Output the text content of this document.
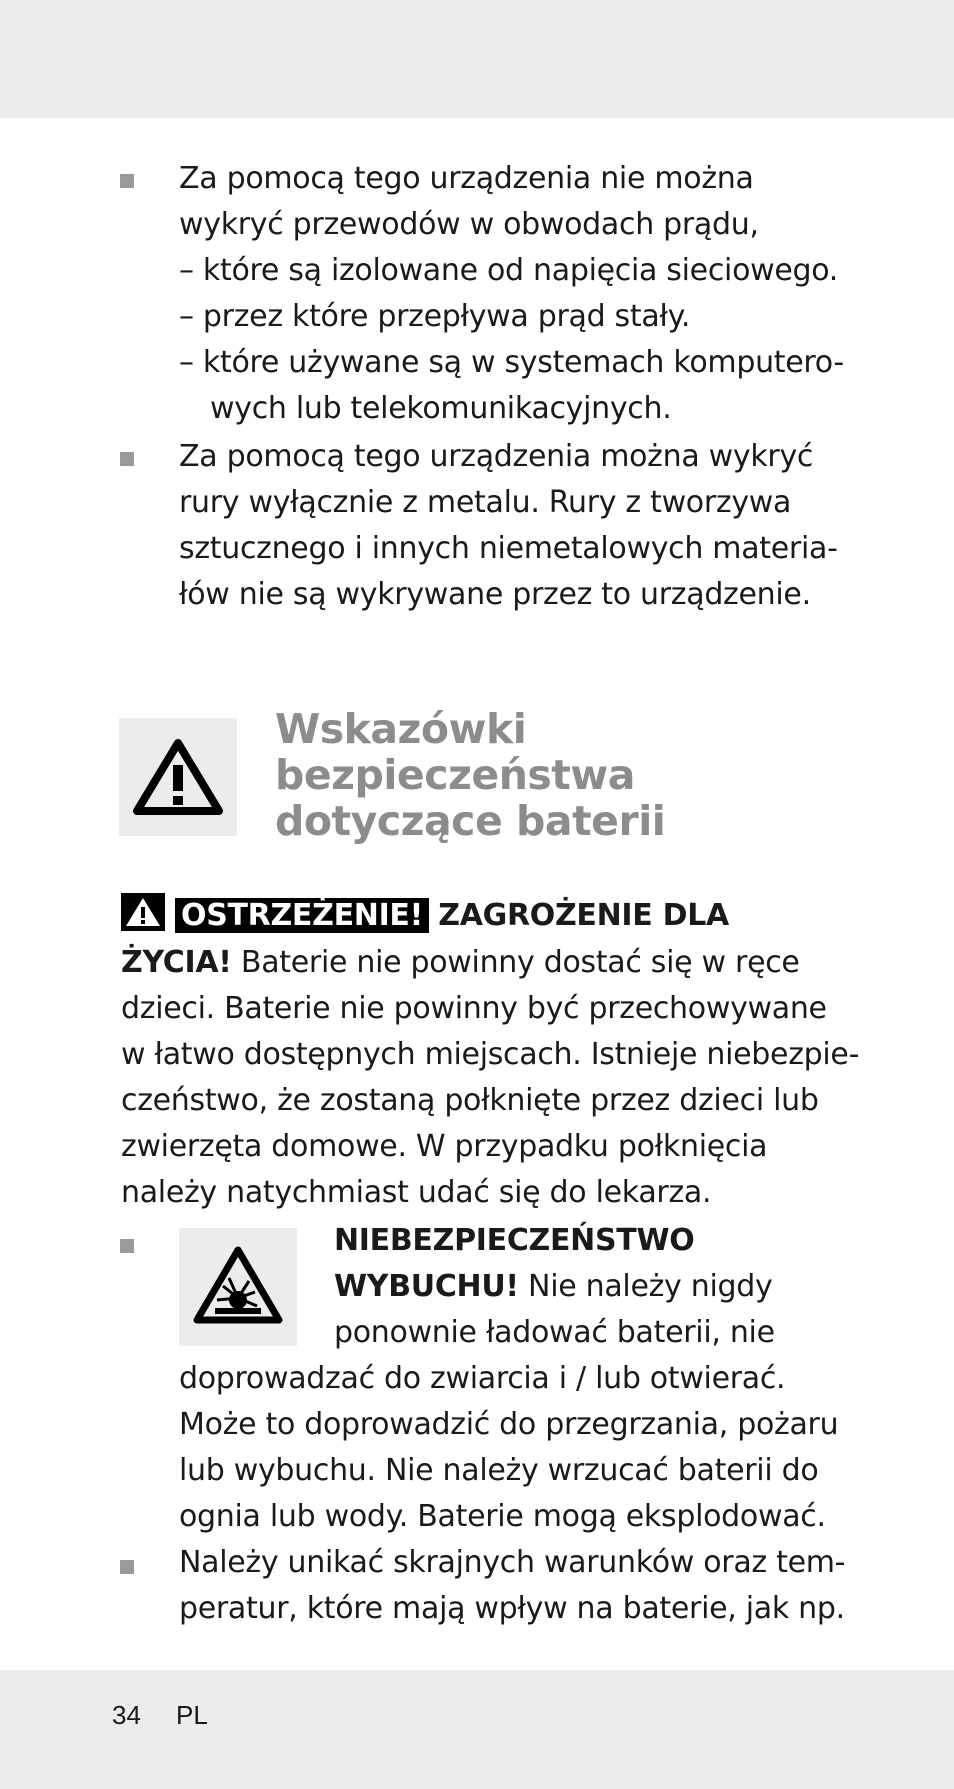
Za pomocą tego urządzenia nie można
wykryć przewodów w obwodach prądu,
– które są izolowane od napięcia sieciowego.
– przez które przepływa prąd stały.
– które używane są w systemach komputero-
wych lub telekomunikacyjnych.
Za pomocą tego urządzenia można wykryć
rury wyłącznie z metalu. Rury z tworzywa
sztucznego i innych niemetalowych materia-
łów nie są wykrywane przez to urządzenie.
Wskazówki
bezpieczeństwa
dotyczące baterii
OSTRZEŻENIE! ZAGROŻENIE DLA
ŻYCIA! Baterie nie powinny dostać się w ręce
dzieci. Baterie nie powinny być przechowywane
w łatwo dostępnych miejscach. Istnieje niebezpie-
czeństwo, że zostaną połknięte przez dzieci lub
zwierzęta domowe. W przypadku połknięcia
należy natychmiast udać się do lekarza.
NIEBEZPIECZEŃSTWO
WYBUCHU! Nie należy nigdy
ponownie ładować baterii, nie
doprowadzać do zwiarcia i / lub otwierać.
Może to doprowadzić do przegrzania, pożaru
lub wybuchu. Nie należy wrzucać baterii do
ognia lub wody. Baterie mogą eksplodować.
Należy unikać skrajnych warunków oraz tem-
peratur, które mają wpływ na baterie, jak np.
34 PL
